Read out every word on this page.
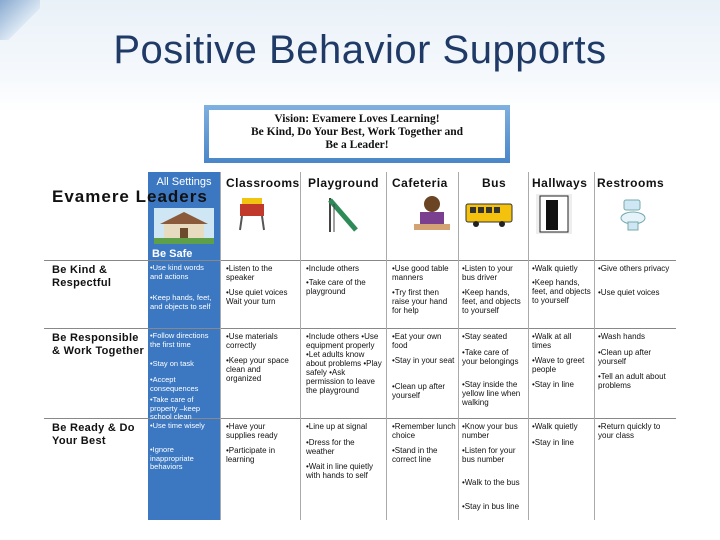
Positive Behavior Supports
Vision: Evamere Loves Learning!
Be Kind, Do Your Best, Work Together and
Be a Leader!
Evamere Leaders
All Settings
Be Safe
Classrooms Playground Cafeteria	Bus Hallways Restrooms
Be Kind & Respectful
•Use kind words and actions
•Keep hands, feet, and objects to self
•Listen to the speaker
•Use quiet voices Wait your turn
•Include others
•Take care of the playground
•Use good table manners
•Try first then raise your hand for help
•Listen to your bus driver
•Keep hands, feet, and objects to yourself
•Walk quietly
•Keep hands, feet, and objects to yourself
•Give others privacy
•Use quiet voices
Be Responsible & Work Together
•Follow directions the first time
•Stay on task
•Accept consequences
•Take care of property –keep school clean
•Use materials correctly
•Keep your space clean and organized
•Include others •Use equipment properly •Let adults know about problems •Play safely •Ask permission to leave the playground
•Eat your own food
•Stay in your seat
•Clean up after yourself
•Stay seated
•Take care of your belongings
•Stay inside the yellow line when walking
•Walk at all times
•Wave to greet people
•Stay in line
•Wash hands
•Clean up after yourself
•Tell an adult about problems
Be Ready & Do Your Best
•Use time wisely
•Ignore inappropriate behaviors
•Have your supplies ready
•Participate in learning
•Line up at signal
•Dress for the weather
•Wait in line quietly with hands to self
•Remember lunch choice
•Stand in the correct line
•Know your bus number
•Listen for your bus number
•Walk to the bus
•Stay in bus line
•Walk quietly
•Stay in line
•Return quickly to your class
